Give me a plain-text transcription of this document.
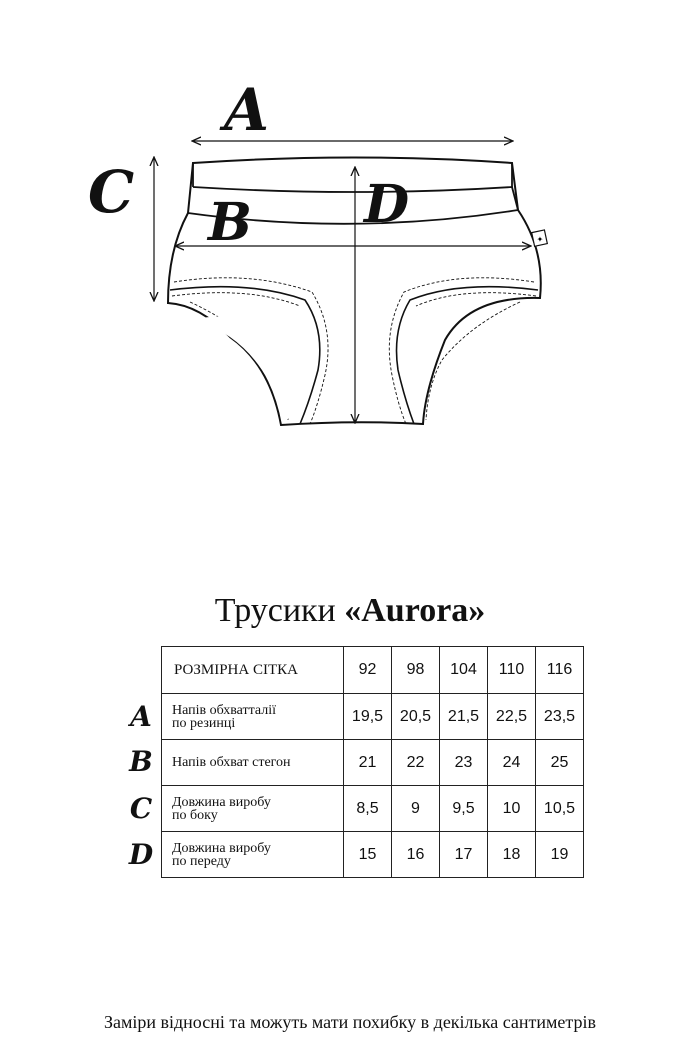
✦
A
B
C	D
Трусики «Aurora»
A
B
C
D
РОЗМІРНА СІТКА	92	98	104	110	116

Напів обхватталії
по резинці	19,5	20,5	21,5	22,5	23,5

Напів обхват стегон	21	22	23	24	25

Довжина виробу
по боку	8,5	9	9,5	10	10,5

Довжина виробу
по переду	15	16	17	18	19
Заміри відносні та можуть мати похибку в декілька сантиметрів
